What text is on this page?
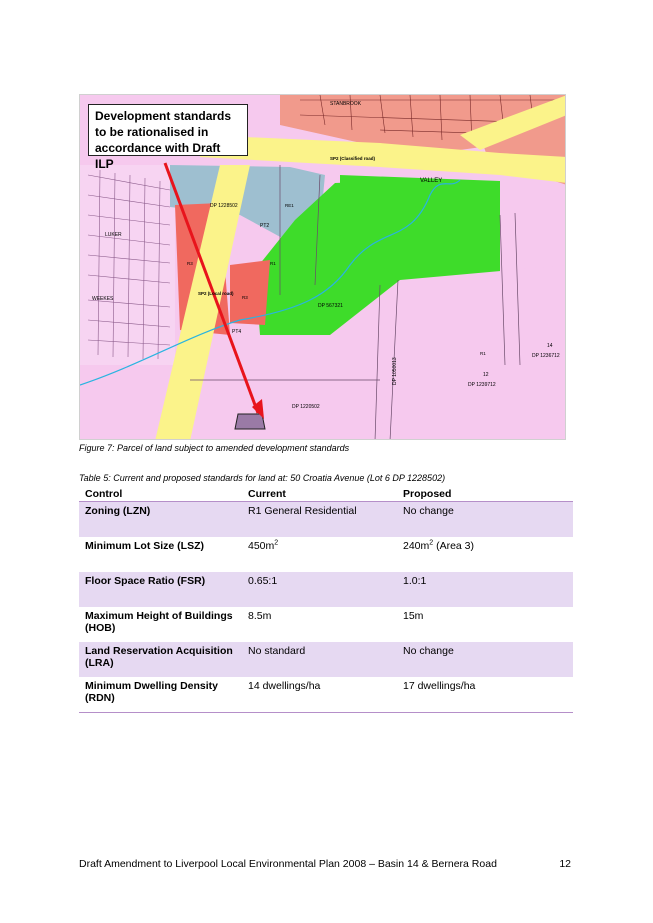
VALLEY
SP2 (Classified road)
SP2 (Local road)
DP 1228502
DP 567321
DP 1220502
DP 1239712
DP 1050013
DP 1236712
12
14
R1
R1
R3
R3
PT2
PT4
RE1
LUKER
WEEKES
STANBROOK
Development standards
to be rationalised in
accordance with Draft ILP
Figure 7: Parcel of land subject to amended development standards
Table 5: Current and proposed standards for land at: 50 Croatia Avenue (Lot 6 DP 1228502)
Control	Current	Proposed
Zoning (LZN)	R1 General Residential	No change
Minimum Lot Size (LSZ)	$450m^2$	$240m^2$ (Area 3)
Floor Space Ratio (FSR)	0.65:1	1.0:1
Maximum Height of Buildings (HOB)	8.5m	15m
Land Reservation Acquisition (LRA)	No standard	No change
Minimum Dwelling Density (RDN)	14 dwellings/ha	17 dwellings/ha
Draft Amendment to Liverpool Local Environmental Plan 2008 – Basin 14 & Bernera Road	12
